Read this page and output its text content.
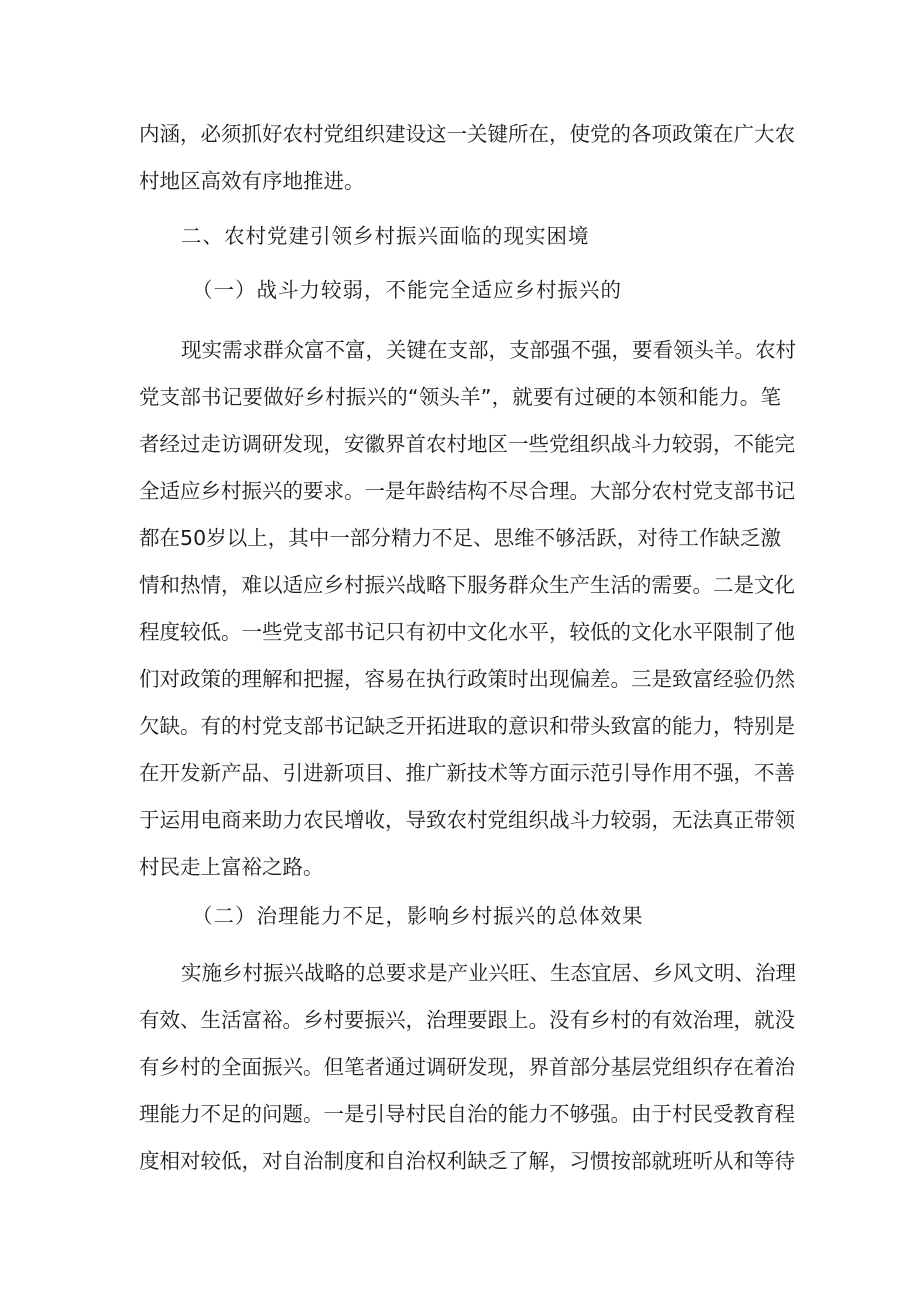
内涵，必须抓好农村党组织建设这一关键所在，使党的各项政策在广大农
村地区高效有序地推进。
二、农村党建引领乡村振兴面临的现实困境
（一）战斗力较弱，不能完全适应乡村振兴的
现实需求群众富不富，关键在支部，支部强不强，要看领头羊。农村
党支部书记要做好乡村振兴的“领头羊”，就要有过硬的本领和能力。笔
者经过走访调研发现，安徽界首农村地区一些党组织战斗力较弱，不能完
全适应乡村振兴的要求。一是年龄结构不尽合理。大部分农村党支部书记
都在50岁以上，其中一部分精力不足、思维不够活跃，对待工作缺乏激
情和热情，难以适应乡村振兴战略下服务群众生产生活的需要。二是文化
程度较低。一些党支部书记只有初中文化水平，较低的文化水平限制了他
们对政策的理解和把握，容易在执行政策时出现偏差。三是致富经验仍然
欠缺。有的村党支部书记缺乏开拓进取的意识和带头致富的能力，特别是
在开发新产品、引进新项目、推广新技术等方面示范引导作用不强，不善
于运用电商来助力农民增收，导致农村党组织战斗力较弱，无法真正带领
村民走上富裕之路。
（二）治理能力不足，影响乡村振兴的总体效果
实施乡村振兴战略的总要求是产业兴旺、生态宜居、乡风文明、治理
有效、生活富裕。乡村要振兴，治理要跟上。没有乡村的有效治理，就没
有乡村的全面振兴。但笔者通过调研发现，界首部分基层党组织存在着治
理能力不足的问题。一是引导村民自治的能力不够强。由于村民受教育程
度相对较低，对自治制度和自治权利缺乏了解，习惯按部就班听从和等待
